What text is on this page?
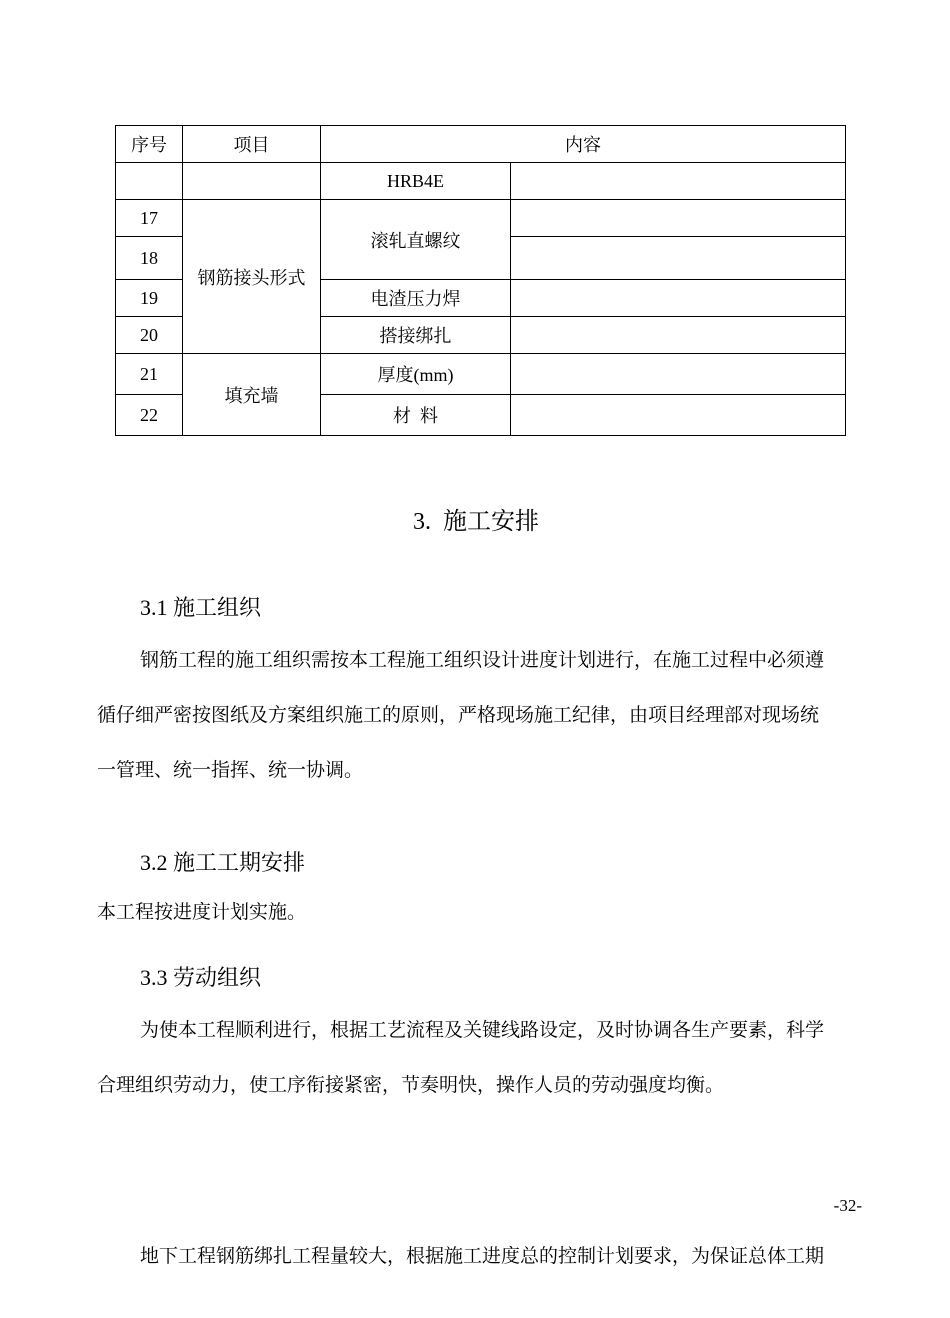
序号	项目	内容	
		HRB4E	
17	钢筋接头形式	滚轧直螺纹	
18			
19		电渣压力焊	
20		搭接绑扎	
21	填充墙	厚度(mm)	
22		材  料	
3.  施工安排
3.1 施工组织
钢筋工程的施工组织需按本工程施工组织设计进度计划进行，在施工过程中必须遵
循仔细严密按图纸及方案组织施工的原则，严格现场施工纪律，由项目经理部对现场统
一管理、统一指挥、统一协调。
3.2 施工工期安排
本工程按进度计划实施。
3.3 劳动组织
为使本工程顺利进行，根据工艺流程及关键线路设定，及时协调各生产要素，科学
合理组织劳动力，使工序衔接紧密，节奏明快，操作人员的劳动强度均衡。
-32-
地下工程钢筋绑扎工程量较大，根据施工进度总的控制计划要求，为保证总体工期
